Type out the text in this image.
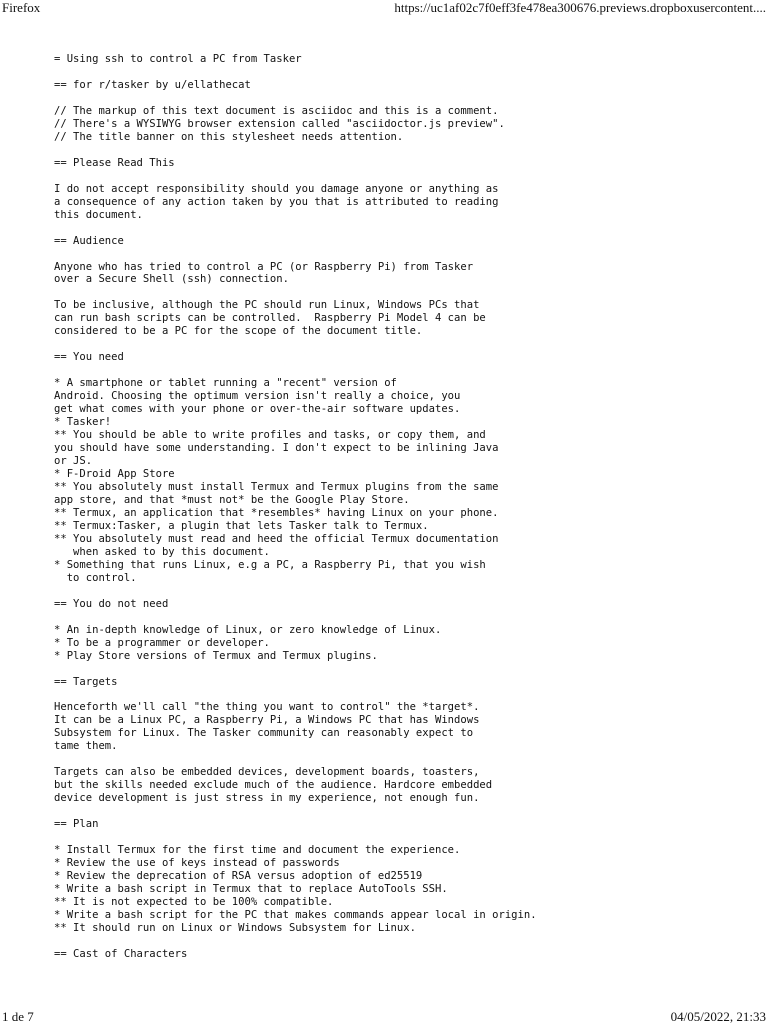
Firefox	https://uc1af02c7f0eff3fe478ea300676.previews.dropboxusercontent....
= Using ssh to control a PC from Tasker
== for r/tasker by u/ellathecat
// The markup of this text document is asciidoc and this is a comment.
// There's a WYSIWYG browser extension called "asciidoctor.js preview".
// The title banner on this stylesheet needs attention.
== Please Read This
I do not accept responsibility should you damage anyone or anything as
a consequence of any action taken by you that is attributed to reading
this document.
== Audience
Anyone who has tried to control a PC (or Raspberry Pi) from Tasker
over a Secure Shell (ssh) connection.
To be inclusive, although the PC should run Linux, Windows PCs that
can run bash scripts can be controlled.  Raspberry Pi Model 4 can be
considered to be a PC for the scope of the document title.
== You need
* A smartphone or tablet running a "recent" version of
Android. Choosing the optimum version isn't really a choice, you
get what comes with your phone or over-the-air software updates.
* Tasker!
** You should be able to write profiles and tasks, or copy them, and
you should have some understanding. I don't expect to be inlining Java
or JS.
* F-Droid App Store
** You absolutely must install Termux and Termux plugins from the same
app store, and that *must not* be the Google Play Store.
** Termux, an application that *resembles* having Linux on your phone.
** Termux:Tasker, a plugin that lets Tasker talk to Termux.
** You absolutely must read and heed the official Termux documentation
when asked to by this document.
* Something that runs Linux, e.g a PC, a Raspberry Pi, that you wish
to control.
== You do not need
* An in-depth knowledge of Linux, or zero knowledge of Linux.
* To be a programmer or developer.
* Play Store versions of Termux and Termux plugins.
== Targets
Henceforth we'll call "the thing you want to control" the *target*.
It can be a Linux PC, a Raspberry Pi, a Windows PC that has Windows
Subsystem for Linux. The Tasker community can reasonably expect to
tame them.
Targets can also be embedded devices, development boards, toasters,
but the skills needed exclude much of the audience. Hardcore embedded
device development is just stress in my experience, not enough fun.
== Plan
* Install Termux for the first time and document the experience.
* Review the use of keys instead of passwords
* Review the deprecation of RSA versus adoption of ed25519
* Write a bash script in Termux that to replace AutoTools SSH.
** It is not expected to be 100% compatible.
* Write a bash script for the PC that makes commands appear local in origin.
** It should run on Linux or Windows Subsystem for Linux.
== Cast of Characters
1 de 7	04/05/2022, 21:33
